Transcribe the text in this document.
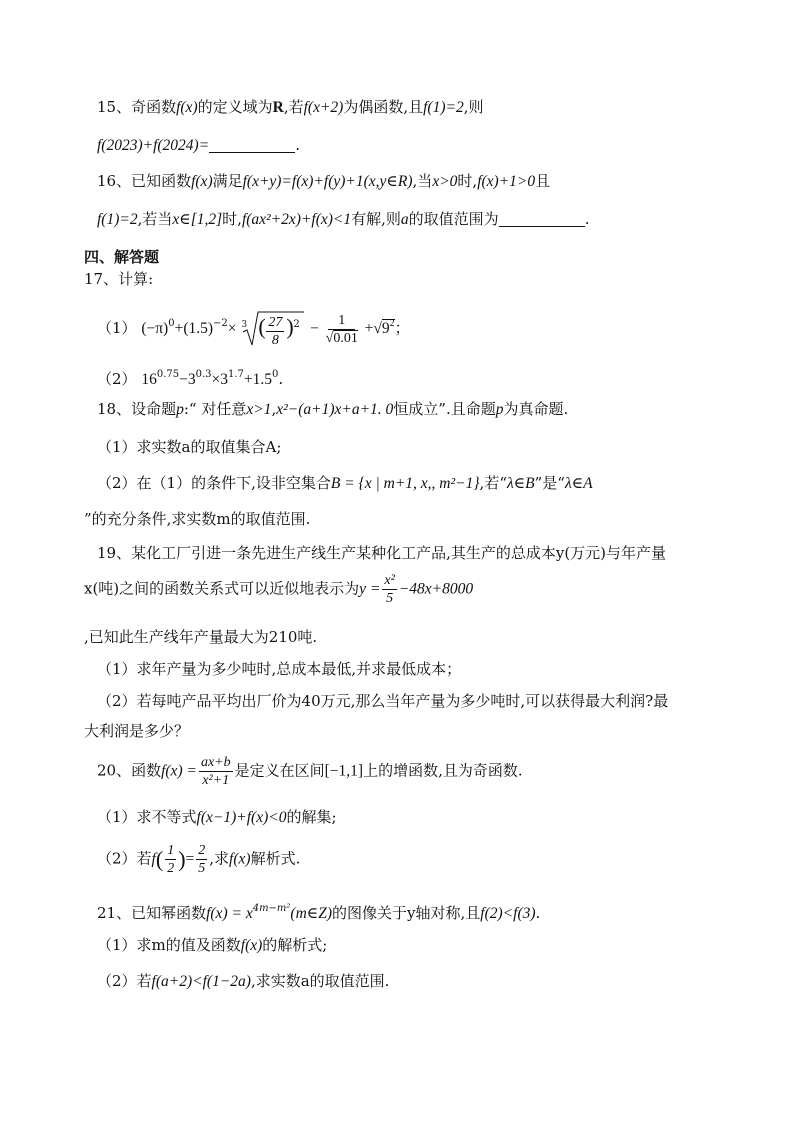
15、奇函数f(x)的定义域为R,若f(x+2)为偶函数,且f(1)=2,则
f(2023)+f(2024)=	.
16、已知函数f(x)满足f(x+y)=f(x)+f(y)+1(x,y∈R),当x>0时,f(x)+1>0且
f(1)=2,若当x∈[1,2]时,f(ax²+2x)+f(x)<1有解,则a的取值范围为	.
四、解答题
17、计算:
（1） $(-\pi)^0+(1.5)^{-2}\times 3$ ( $\frac{27}{8}$ ) $2 - \frac{1}{√0.01} +√9^2$；
（2） $16^{0.75}-3^{0.3}\times 3^{1.7}+1.5^0$.
18、设命题p:“ 对任意x>1,x²−(a+1)x+a+1. 0恒成立”.且命题p为真命题.
（1）求实数a的取值集合A;
（2）在（1）的条件下,设非空集合B = {x | m+1, x,, m²−1},若“λ∈B”是“λ∈A
”的充分条件,求实数m的取值范围.
19、某化工厂引进一条先进生产线生产某种化工产品,其生产的总成本y(万元)与年产量
x(吨)之间的函数关系式可以近似地表示为$y = \frac{\text{x²}}{5} -48x+8000$
,已知此生产线年产量最大为210吨.
（1）求年产量为多少吨时,总成本最低,并求最低成本；
（2）若每吨产品平均出厂价为40万元,那么当年产量为多少吨时,可以获得最大利润?最
大利润是多少？
20、函数$f(x) = \frac{ax+b}{\text{x²+1}}$ 是定义在区间[−1,1]上的增函数,且为奇函数.
（1）求不等式f(x−1)+f(x)<0的解集;
（2）若$f( \frac{1}{2}$ )= $\frac{2}{5}$ ,求f(x)解析式.
21、已知幂函数$f(x) = x^{4m-m^2}(m\in Z)$的图像关于y轴对称,且f(2)<f(3).
（1）求m的值及函数f(x)的解析式;
（2）若f(a+2)<f(1−2a),求实数a的取值范围.
